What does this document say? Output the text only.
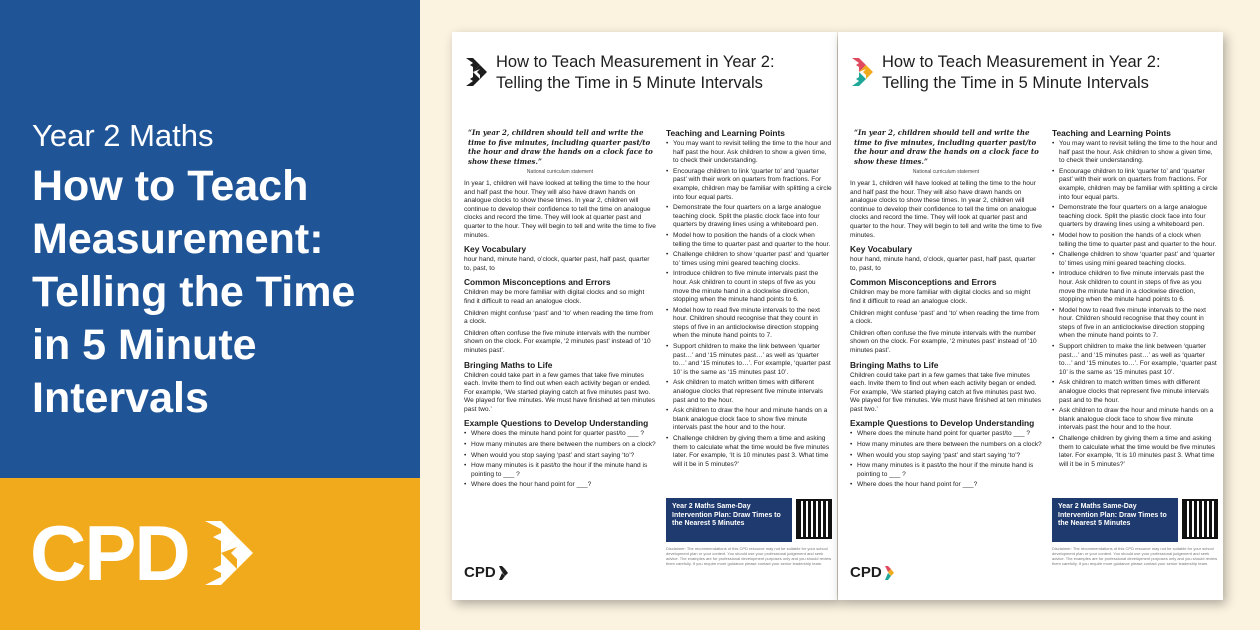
Year 2 Maths
How to Teach
Measurement:
Telling the Time
in 5 Minute
Intervals
CPD
How to Teach Measurement in Year 2:
Telling the Time in 5 Minute Intervals
“In year 2, children should tell and write the time to five minutes, including quarter past/to the hour and draw the hands on a clock face to show these times.”
National curriculum statement
In year 1, children will have looked at telling the time to the hour and half past the hour. They will also have drawn hands on analogue clocks to show these times. In year 2, children will continue to develop their confidence to tell the time on analogue clocks and record the time. They will look at quarter past and quarter to the hour. They will begin to tell and write the time to five minutes.
Key Vocabulary
hour hand, minute hand, o’clock, quarter past, half past, quarter to, past, to
Common Misconceptions and Errors
Children may be more familiar with digital clocks and so might find it difficult to read an analogue clock.
Children might confuse ‘past’ and ‘to’ when reading the time from a clock.
Children often confuse the five minute intervals with the number shown on the clock. For example, ‘2 minutes past’ instead of ‘10 minutes past’.
Bringing Maths to Life
Children could take part in a few games that take five minutes each. Invite them to find out when each activity began or ended. For example, ‘We started playing catch at five minutes past two. We played for five minutes. We must have finished at ten minutes past two.’
Example Questions to Develop Understanding
• Where does the minute hand point for quarter past/to ___ ?
• How many minutes are there between the numbers on a clock?
• When would you stop saying ‘past’ and start saying ‘to’?
• How many minutes is it past/to the hour if the minute hand is pointing to ___ ?
• Where does the hour hand point for ___?
Teaching and Learning Points
• You may want to revisit telling the time to the hour and half past the hour. Ask children to show a given time, to check their understanding.
• Encourage children to link ‘quarter to’ and ‘quarter past’ with their work on quarters from fractions. For example, children may be familiar with splitting a circle into four equal parts.
• Demonstrate the four quarters on a large analogue teaching clock. Split the plastic clock face into four quarters by drawing lines using a whiteboard pen.
• Model how to position the hands of a clock when telling the time to quarter past and quarter to the hour.
• Challenge children to show ‘quarter past’ and ‘quarter to’ times using mini geared teaching clocks.
• Introduce children to five minute intervals past the hour. Ask children to count in steps of five as you move the minute hand in a clockwise direction, stopping when the minute hand points to 6.
• Model how to read five minute intervals to the next hour. Children should recognise that they count in steps of five in an anticlockwise direction stopping when the minute hand points to 7.
• Support children to make the link between ‘quarter past…’ and ‘15 minutes past…’ as well as ‘quarter to…’ and ‘15 minutes to…’. For example, ‘quarter past 10’ is the same as ‘15 minutes past 10’.
• Ask children to match written times with different analogue clocks that represent five minute intervals past and to the hour.
• Ask children to draw the hour and minute hands on a blank analogue clock face to show five minute intervals past the hour and to the hour.
• Challenge children by giving them a time and asking them to calculate what the time would be five minutes later. For example, ‘It is 10 minutes past 3. What time will it be in 5 minutes?’
Year 2 Maths Same-Day Intervention Plan: Draw Times to the Nearest 5 Minutes
Disclaimer: The recommendations of this CPD resource may not be suitable for your school development plan or your context. You should use your professional judgement and seek advice. The examples are for professional development purposes only and you should review them carefully. If you require more guidance please contact your senior leadership team.
CPD
How to Teach Measurement in Year 2:
Telling the Time in 5 Minute Intervals
“In year 2, children should tell and write the time to five minutes, including quarter past/to the hour and draw the hands on a clock face to show these times.”
National curriculum statement
In year 1, children will have looked at telling the time to the hour and half past the hour. They will also have drawn hands on analogue clocks to show these times. In year 2, children will continue to develop their confidence to tell the time on analogue clocks and record the time. They will look at quarter past and quarter to the hour. They will begin to tell and write the time to five minutes.
Key Vocabulary
hour hand, minute hand, o’clock, quarter past, half past, quarter to, past, to
Common Misconceptions and Errors
Children may be more familiar with digital clocks and so might find it difficult to read an analogue clock.
Children might confuse ‘past’ and ‘to’ when reading the time from a clock.
Children often confuse the five minute intervals with the number shown on the clock. For example, ‘2 minutes past’ instead of ‘10 minutes past’.
Bringing Maths to Life
Children could take part in a few games that take five minutes each. Invite them to find out when each activity began or ended. For example, ‘We started playing catch at five minutes past two. We played for five minutes. We must have finished at ten minutes past two.’
Example Questions to Develop Understanding
• Where does the minute hand point for quarter past/to ___ ?
• How many minutes are there between the numbers on a clock?
• When would you stop saying ‘past’ and start saying ‘to’?
• How many minutes is it past/to the hour if the minute hand is pointing to ___ ?
• Where does the hour hand point for ___?
Teaching and Learning Points
• You may want to revisit telling the time to the hour and half past the hour. Ask children to show a given time, to check their understanding.
• Encourage children to link ‘quarter to’ and ‘quarter past’ with their work on quarters from fractions. For example, children may be familiar with splitting a circle into four equal parts.
• Demonstrate the four quarters on a large analogue teaching clock. Split the plastic clock face into four quarters by drawing lines using a whiteboard pen.
• Model how to position the hands of a clock when telling the time to quarter past and quarter to the hour.
• Challenge children to show ‘quarter past’ and ‘quarter to’ times using mini geared teaching clocks.
• Introduce children to five minute intervals past the hour. Ask children to count in steps of five as you move the minute hand in a clockwise direction, stopping when the minute hand points to 6.
• Model how to read five minute intervals to the next hour. Children should recognise that they count in steps of five in an anticlockwise direction stopping when the minute hand points to 7.
• Support children to make the link between ‘quarter past…’ and ‘15 minutes past…’ as well as ‘quarter to…’ and ‘15 minutes to…’. For example, ‘quarter past 10’ is the same as ‘15 minutes past 10’.
• Ask children to match written times with different analogue clocks that represent five minute intervals past and to the hour.
• Ask children to draw the hour and minute hands on a blank analogue clock face to show five minute intervals past the hour and to the hour.
• Challenge children by giving them a time and asking them to calculate what the time would be five minutes later. For example, ‘It is 10 minutes past 3. What time will it be in 5 minutes?’
Year 2 Maths Same-Day Intervention Plan: Draw Times to the Nearest 5 Minutes
Disclaimer: The recommendations of this CPD resource may not be suitable for your school development plan or your context. You should use your professional judgement and seek advice. The examples are for professional development purposes only and you should review them carefully. If you require more guidance please contact your senior leadership team.
CPD
